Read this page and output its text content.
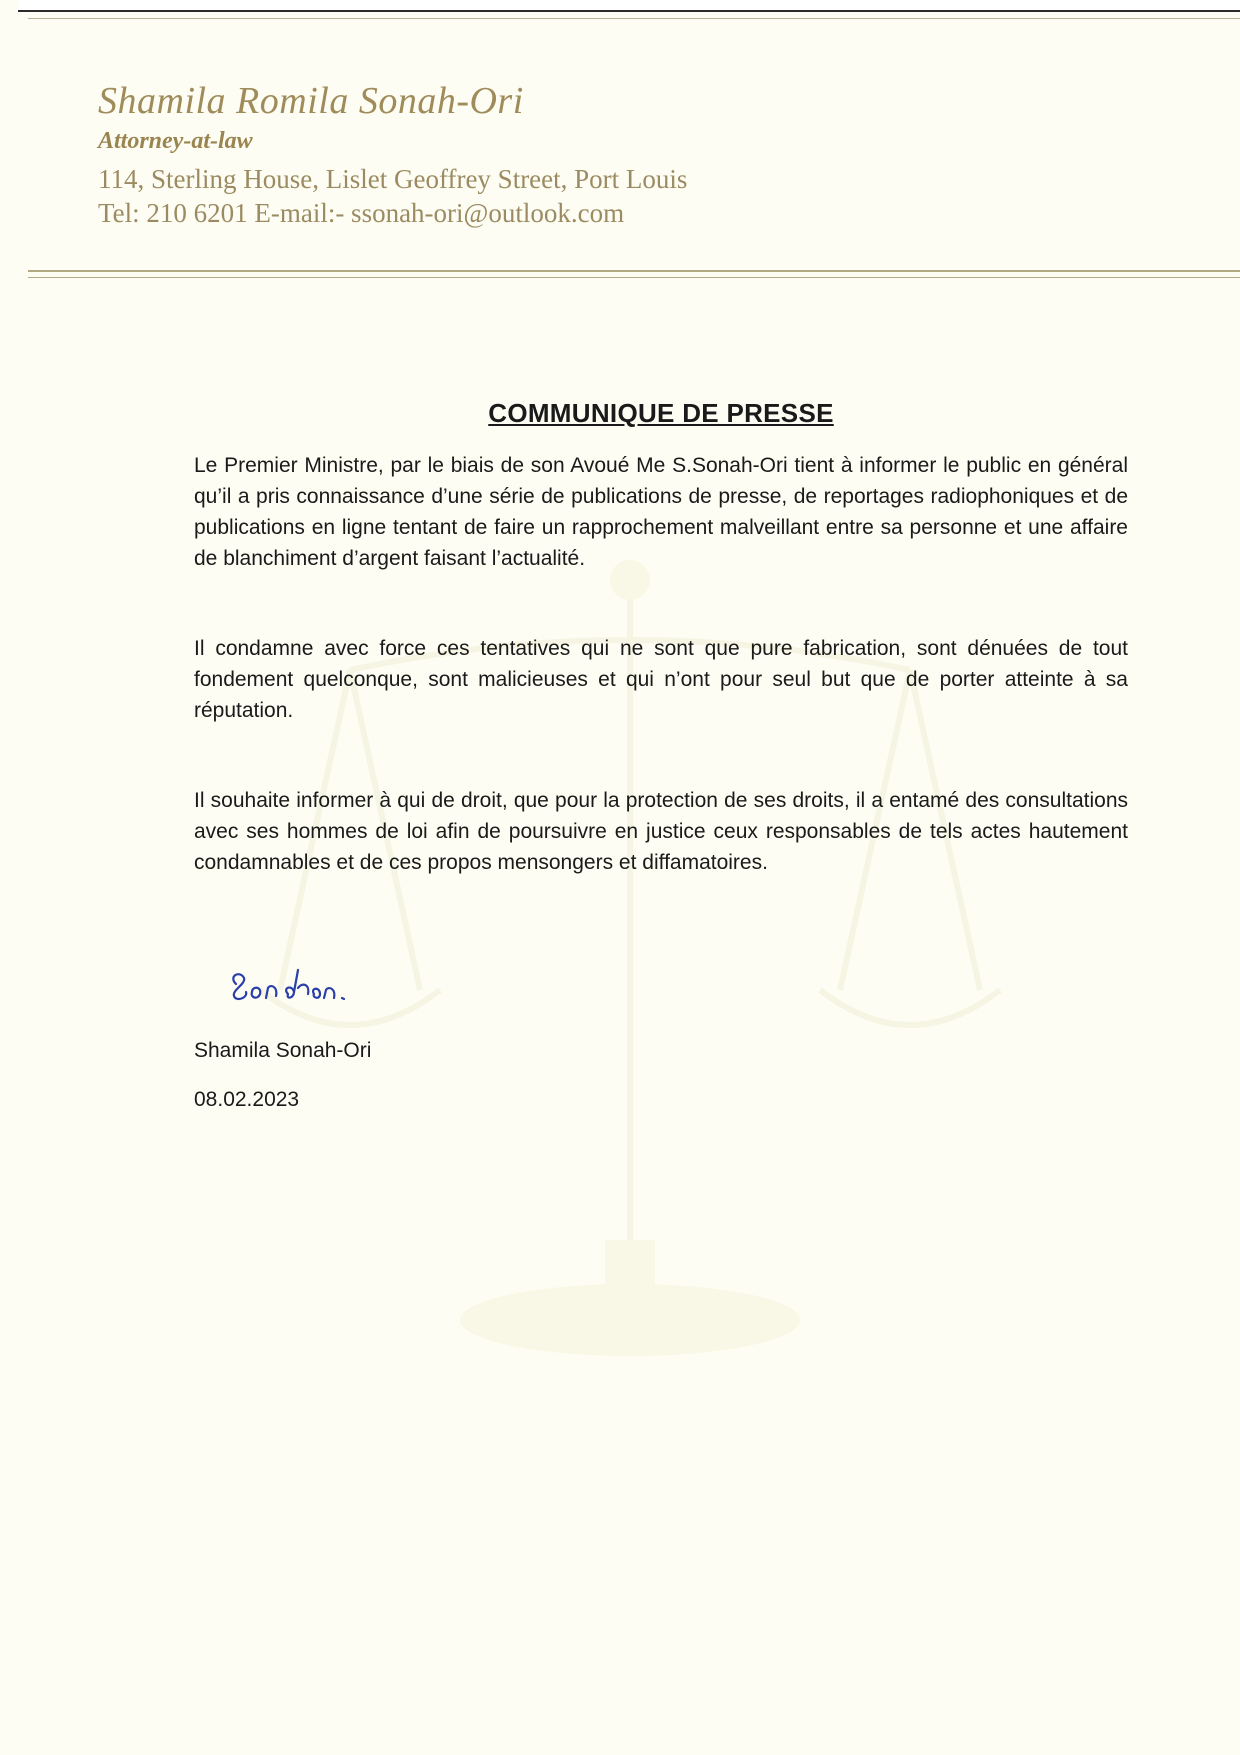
Shamila Romila Sonah-Ori
Attorney-at-law
114, Sterling House, Lislet Geoffrey Street, Port Louis
Tel: 210 6201 E-mail:- ssonah-ori@outlook.com
COMMUNIQUE DE PRESSE

Le Premier Ministre, par le biais de son Avoué Me S.Sonah-Ori tient à informer le public en général qu’il a pris connaissance d’une série de publications de presse, de reportages radiophoniques et de publications en ligne tentant de faire un rapprochement malveillant entre sa personne et une affaire de blanchiment d’argent faisant l’actualité.

Il condamne avec force ces tentatives qui ne sont que pure fabrication, sont dénuées de tout fondement quelconque, sont malicieuses et qui n’ont pour seul but que de porter atteinte à sa réputation.

Il souhaite informer à qui de droit, que pour la protection de ses droits, il a entamé des consultations avec ses hommes de loi afin de poursuivre en justice ceux responsables de tels actes hautement condamnables et de ces propos mensongers et diffamatoires.

Shamila Sonah-Ori
08.02.2023
